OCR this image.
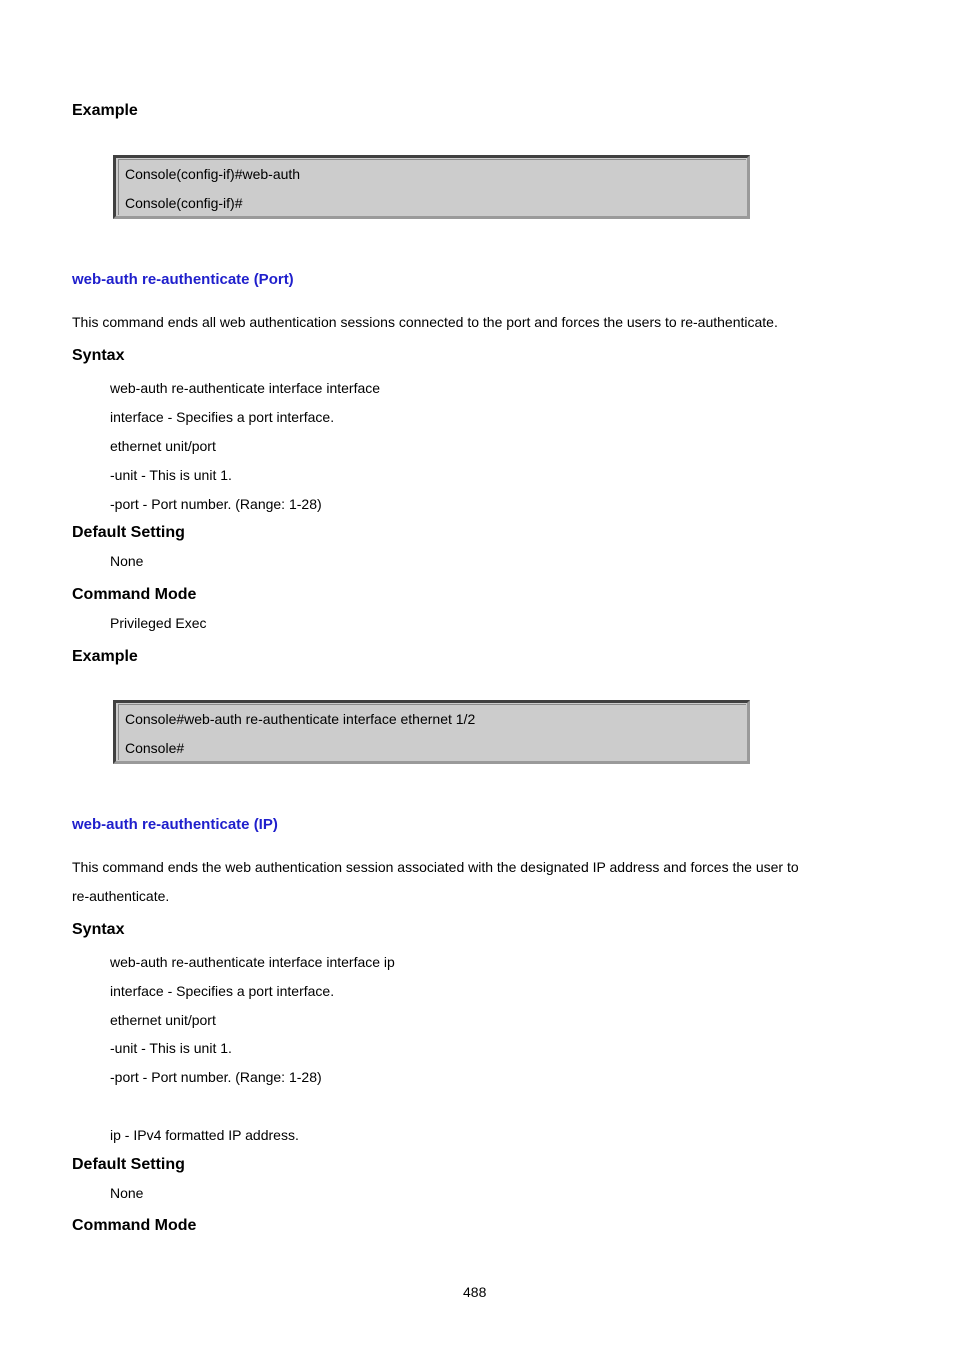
Example
Console(config-if)#web-auth
Console(config-if)#
web-auth re-authenticate (Port)
This command ends all web authentication sessions connected to the port and forces the users to re-authenticate.
Syntax
web-auth re-authenticate interface interface
interface - Specifies a port interface.
ethernet unit/port
-unit - This is unit 1.
-port - Port number. (Range: 1-28)
Default Setting
None
Command Mode
Privileged Exec
Example
Console#web-auth re-authenticate interface ethernet 1/2
Console#
web-auth re-authenticate (IP)
This command ends the web authentication session associated with the designated IP address and forces the user to
re-authenticate.
Syntax
web-auth re-authenticate interface interface ip
interface - Specifies a port interface.
ethernet unit/port
-unit - This is unit 1.
-port - Port number. (Range: 1-28)
ip - IPv4 formatted IP address.
Default Setting
None
Command Mode
488
